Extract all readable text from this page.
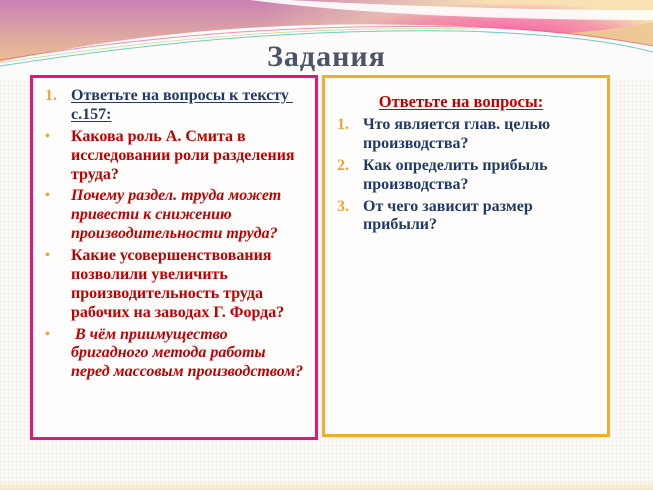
Задания
1. Ответьте на вопросы к тексту с.157:
•	Какова роль А. Смита в исследовании роли разделения труда?
•	Почему раздел. труда может привести к снижению производительности труда?
•	Какие усовершенствования позволили увеличить производительность труда рабочих на заводах Г. Форда?
•	В чём приимущество бригадного метода работы перед массовым производством?
Ответьте на вопросы:
1. Что является глав. целью производства?
2. Как определить прибыль производства?
3. От чего зависит размер прибыли?
